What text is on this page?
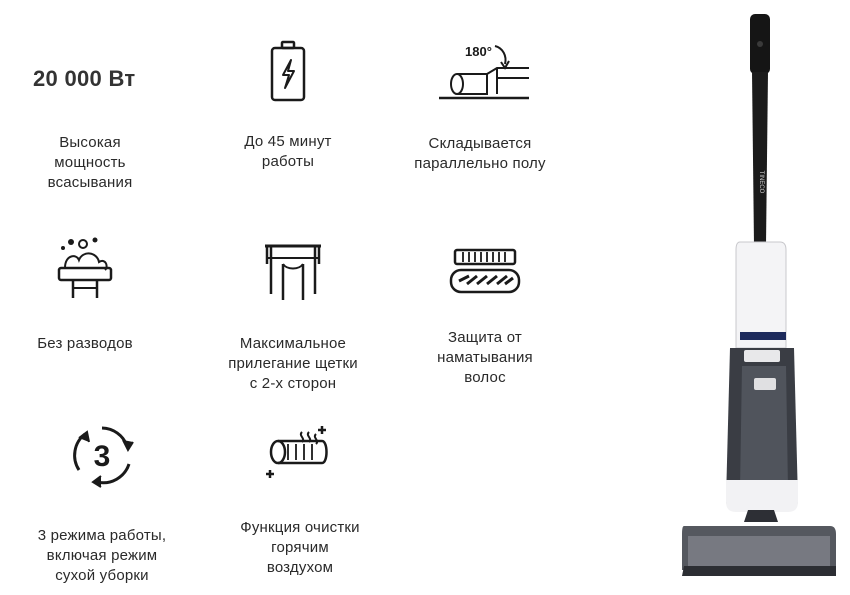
20 000 Вт
Высокая
мощность
всасывания
До 45 минут
работы
180°
Складывается
параллельно полу
Без разводов	Максимальное
прилегание щетки
с 2-х сторон
Защита от
наматывания
волос
3
3 режима работы,
включая режим
сухой уборки
Функция очистки
горячим
воздухом
TINECO
